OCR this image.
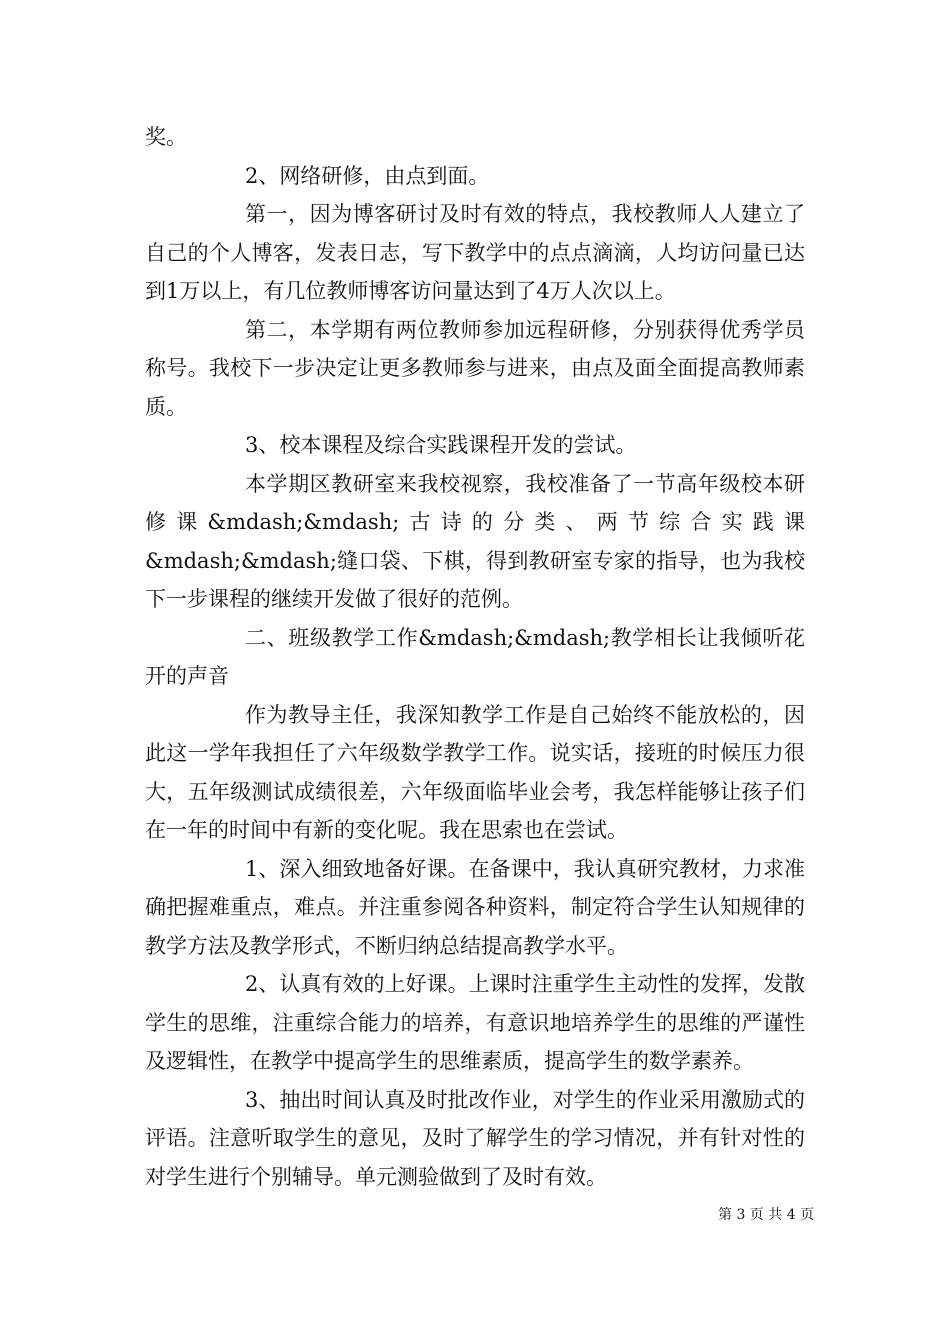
奖。

2、网络研修，由点到面。

第一，因为博客研讨及时有效的特点，我校教师人人建立了自己的个人博客，发表日志，写下教学中的点点滴滴，人均访问量已达到1万以上，有几位教师博客访问量达到了4万人次以上。

第二，本学期有两位教师参加远程研修，分别获得优秀学员称号。我校下一步决定让更多教师参与进来，由点及面全面提高教师素质。

3、校本课程及综合实践课程开发的尝试。

本学期区教研室来我校视察，我校准备了一节高年级校本研修课&mdash;&mdash;古诗的分类、两节综合实践课&mdash;&mdash;缝口袋、下棋，得到教研室专家的指导，也为我校下一步课程的继续开发做了很好的范例。

二、班级教学工作&mdash;&mdash;教学相长让我倾听花开的声音

作为教导主任，我深知教学工作是自己始终不能放松的，因此这一学年我担任了六年级数学教学工作。说实话，接班的时候压力很大，五年级测试成绩很差，六年级面临毕业会考，我怎样能够让孩子们在一年的时间中有新的变化呢。我在思索也在尝试。

1、深入细致地备好课。在备课中，我认真研究教材，力求准确把握难重点，难点。并注重参阅各种资料，制定符合学生认知规律的教学方法及教学形式，不断归纳总结提高教学水平。

2、认真有效的上好课。上课时注重学生主动性的发挥，发散学生的思维，注重综合能力的培养，有意识地培养学生的思维的严谨性及逻辑性，在教学中提高学生的思维素质，提高学生的数学素养。

3、抽出时间认真及时批改作业，对学生的作业采用激励式的评语。注意听取学生的意见，及时了解学生的学习情况，并有针对性的对学生进行个别辅导。单元测验做到了及时有效。

第 3 页 共 4 页
